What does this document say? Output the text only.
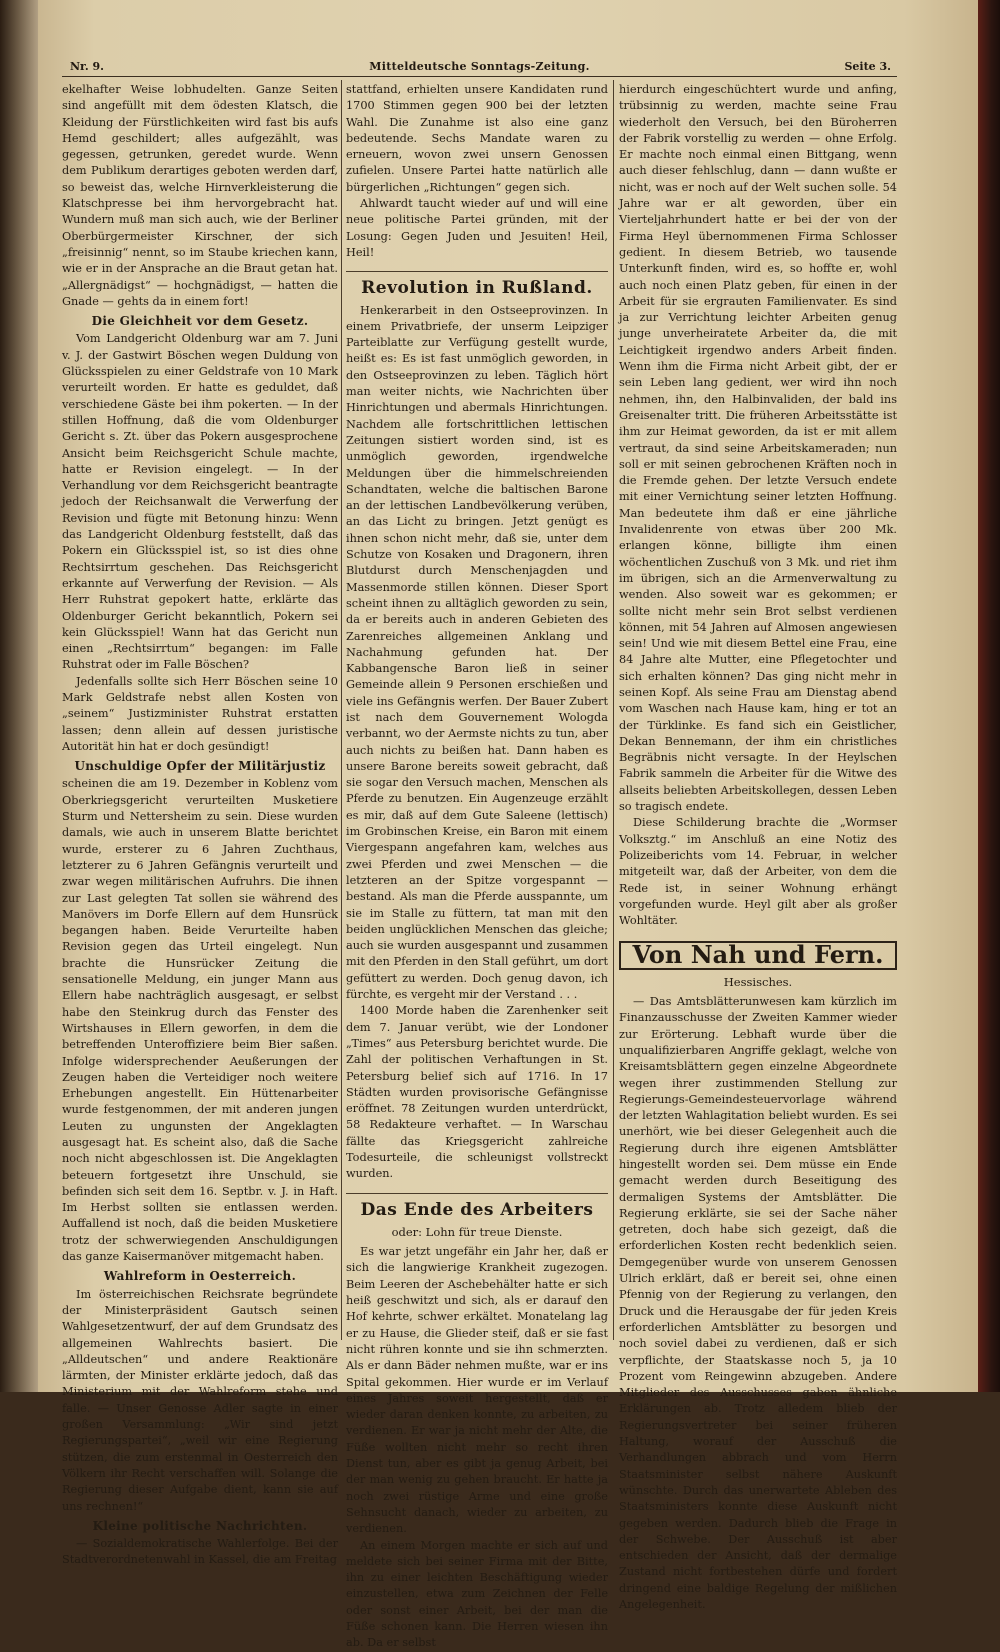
Nr. 9.	Mitteldeutsche Sonntags-Zeitung.	Seite 3.

ekelhafter Weise lobhudelten. Ganze Seiten sind angefüllt mit dem ödesten Klatsch, die Kleidung der Fürstlichkeiten wird fast bis aufs Hemd geschildert; alles aufgezählt, was gegessen, getrunken, geredet wurde. Wenn dem Publikum derartiges geboten werden darf, so beweist das, welche Hirnverkleisterung die Klatschpresse bei ihm hervorgebracht hat. Wundern muß man sich auch, wie der Berliner Oberbürgermeister Kirschner, der sich „freisinnig“ nennt, so im Staube kriechen kann, wie er in der Ansprache an die Braut getan hat. „Allergnädigst“ — hochgnädigst, — hatten die Gnade — gehts da in einem fort!

Die Gleichheit vor dem Gesetz.

Vom Landgericht Oldenburg war am 7. Juni v. J. der Gastwirt Böschen wegen Duldung von Glücksspielen zu einer Geldstrafe von 10 Mark verurteilt worden. Er hatte es geduldet, daß verschiedene Gäste bei ihm pokerten. — In der stillen Hoffnung, daß die vom Oldenburger Gericht s. Zt. über das Pokern ausgesprochene Ansicht beim Reichsgericht Schule machte, hatte er Revision eingelegt. — In der Verhandlung vor dem Reichsgericht beantragte jedoch der Reichsanwalt die Verwerfung der Revision und fügte mit Betonung hinzu: Wenn das Landgericht Oldenburg feststellt, daß das Pokern ein Glücksspiel ist, so ist dies ohne Rechtsirrtum geschehen. Das Reichsgericht erkannte auf Verwerfung der Revision. — Als Herr Ruhstrat gepokert hatte, erklärte das Oldenburger Gericht bekanntlich, Pokern sei kein Glücksspiel! Wann hat das Gericht nun einen „Rechtsirrtum“ begangen: im Falle Ruhstrat oder im Falle Böschen?

Jedenfalls sollte sich Herr Böschen seine 10 Mark Geldstrafe nebst allen Kosten von „seinem“ Justizminister Ruhstrat erstatten lassen; denn allein auf dessen juristische Autorität hin hat er doch gesündigt!

Unschuldige Opfer der Militärjustiz

scheinen die am 19. Dezember in Koblenz vom Oberkriegsgericht verurteilten Musketiere Sturm und Nettersheim zu sein. Diese wurden damals, wie auch in unserem Blatte berichtet wurde, ersterer zu 6 Jahren Zuchthaus, letzterer zu 6 Jahren Gefängnis verurteilt und zwar wegen militärischen Aufruhrs. Die ihnen zur Last gelegten Tat sollen sie während des Manövers im Dorfe Ellern auf dem Hunsrück begangen haben. Beide Verurteilte haben Revision gegen das Urteil eingelegt. Nun brachte die Hunsrücker Zeitung die sensationelle Meldung, ein junger Mann aus Ellern habe nachträglich ausgesagt, er selbst habe den Steinkrug durch das Fenster des Wirtshauses in Ellern geworfen, in dem die betreffenden Unteroffiziere beim Bier saßen. Infolge widersprechender Aeußerungen der Zeugen haben die Verteidiger noch weitere Erhebungen angestellt. Ein Hüttenarbeiter wurde festgenommen, der mit anderen jungen Leuten zu ungunsten der Angeklagten ausgesagt hat. Es scheint also, daß die Sache noch nicht abgeschlossen ist. Die Angeklagten beteuern fortgesetzt ihre Unschuld, sie befinden sich seit dem 16. Septbr. v. J. in Haft. Im Herbst sollten sie entlassen werden. Auffallend ist noch, daß die beiden Musketiere trotz der schwerwiegenden Anschuldigungen das ganze Kaisermanöver mitgemacht haben.

Wahlreform in Oesterreich.

Im österreichischen Reichsrate begründete der Ministerpräsident Gautsch seinen Wahlgesetzentwurf, der auf dem Grundsatz des allgemeinen Wahlrechts basiert. Die „Alldeutschen“ und andere Reaktionäre lärmten, der Minister erklärte jedoch, daß das Ministerium mit der Wahlreform stehe und falle. — Unser Genosse Adler sagte in einer großen Versammlung: „Wir sind jetzt Regierungspartei“, „weil wir eine Regierung stützen, die zum erstenmal in Oesterreich den Völkern ihr Recht verschaffen will. Solange die Regierung dieser Aufgabe dient, kann sie auf uns rechnen!“

Kleine politische Nachrichten.

— Sozialdemokratische Wahlerfolge. Bei der Stadtverordnetenwahl in Kassel, die am Freitag

stattfand, erhielten unsere Kandidaten rund 1700 Stimmen gegen 900 bei der letzten Wahl. Die Zunahme ist also eine ganz bedeutende. Sechs Mandate waren zu erneuern, wovon zwei unsern Genossen zufielen. Unsere Partei hatte natürlich alle bürgerlichen „Richtungen“ gegen sich.

Ahlwardt taucht wieder auf und will eine neue politische Partei gründen, mit der Losung: Gegen Juden und Jesuiten! Heil, Heil!

Revolution in Rußland.

Henkerarbeit in den Ostseeprovinzen. In einem Privatbriefe, der unserm Leipziger Parteiblatte zur Verfügung gestellt wurde, heißt es: Es ist fast unmöglich geworden, in den Ostseeprovinzen zu leben. Täglich hört man weiter nichts, wie Nachrichten über Hinrichtungen und abermals Hinrichtungen. Nachdem alle fortschrittlichen lettischen Zeitungen sistiert worden sind, ist es unmöglich geworden, irgendwelche Meldungen über die himmelschreienden Schandtaten, welche die baltischen Barone an der lettischen Landbevölkerung verüben, an das Licht zu bringen. Jetzt genügt es ihnen schon nicht mehr, daß sie, unter dem Schutze von Kosaken und Dragonern, ihren Blutdurst durch Menschenjagden und Massenmorde stillen können. Dieser Sport scheint ihnen zu alltäglich geworden zu sein, da er bereits auch in anderen Gebieten des Zarenreiches allgemeinen Anklang und Nachahmung gefunden hat. Der Kabbangensche Baron ließ in seiner Gemeinde allein 9 Personen erschießen und viele ins Gefängnis werfen. Der Bauer Zubert ist nach dem Gouvernement Wologda verbannt, wo der Aermste nichts zu tun, aber auch nichts zu beißen hat. Dann haben es unsere Barone bereits soweit gebracht, daß sie sogar den Versuch machen, Menschen als Pferde zu benutzen. Ein Augenzeuge erzählt es mir, daß auf dem Gute Saleene (lettisch) im Grobinschen Kreise, ein Baron mit einem Viergespann angefahren kam, welches aus zwei Pferden und zwei Menschen — die letzteren an der Spitze vorgespannt — bestand. Als man die Pferde ausspannte, um sie im Stalle zu füttern, tat man mit den beiden unglücklichen Menschen das gleiche; auch sie wurden ausgespannt und zusammen mit den Pferden in den Stall geführt, um dort gefüttert zu werden. Doch genug davon, ich fürchte, es vergeht mir der Verstand . . .

1400 Morde haben die Zarenhenker seit dem 7. Januar verübt, wie der Londoner „Times“ aus Petersburg berichtet wurde. Die Zahl der politischen Verhaftungen in St. Petersburg belief sich auf 1716. In 17 Städten wurden provisorische Gefängnisse eröffnet. 78 Zeitungen wurden unterdrückt, 58 Redakteure verhaftet. — In Warschau fällte das Kriegsgericht zahlreiche Todesurteile, die schleunigst vollstreckt wurden.

Das Ende des Arbeiters
oder: Lohn für treue Dienste.

Es war jetzt ungefähr ein Jahr her, daß er sich die langwierige Krankheit zugezogen. Beim Leeren der Aschebehälter hatte er sich heiß geschwitzt und sich, als er darauf den Hof kehrte, schwer erkältet. Monatelang lag er zu Hause, die Glieder steif, daß er sie fast nicht rühren konnte und sie ihn schmerzten. Als er dann Bäder nehmen mußte, war er ins Spital gekommen. Hier wurde er im Verlauf eines Jahres soweit hergestellt, daß er wieder daran denken konnte, zu arbeiten, zu verdienen. Er war ja nicht mehr der Alte, die Füße wollten nicht mehr so recht ihren Dienst tun, aber es gibt ja genug Arbeit, bei der man wenig zu gehen braucht. Er hatte ja noch zwei rüstige Arme und eine große Sehnsucht danach, wieder zu arbeiten, zu verdienen.

An einem Morgen machte er sich auf und meldete sich bei seiner Firma mit der Bitte, ihn zu einer leichten Beschäftigung wieder einzustellen, etwa zum Zeichnen der Felle oder sonst einer Arbeit, bei der man die Füße schonen kann. Die Herren wiesen ihn ab. Da er selbst

hierdurch eingeschüchtert wurde und anfing, trübsinnig zu werden, machte seine Frau wiederholt den Versuch, bei den Büroherren der Fabrik vorstellig zu werden — ohne Erfolg. Er machte noch einmal einen Bittgang, wenn auch dieser fehlschlug, dann — dann wußte er nicht, was er noch auf der Welt suchen solle. 54 Jahre war er alt geworden, über ein Vierteljahrhundert hatte er bei der von der Firma Heyl übernommenen Firma Schlosser gedient. In diesem Betrieb, wo tausende Unterkunft finden, wird es, so hoffte er, wohl auch noch einen Platz geben, für einen in der Arbeit für sie ergrauten Familienvater. Es sind ja zur Verrichtung leichter Arbeiten genug junge unverheiratete Arbeiter da, die mit Leichtigkeit irgendwo anders Arbeit finden. Wenn ihm die Firma nicht Arbeit gibt, der er sein Leben lang gedient, wer wird ihn noch nehmen, ihn, den Halbinvaliden, der bald ins Greisenalter tritt. Die früheren Arbeitsstätte ist ihm zur Heimat geworden, da ist er mit allem vertraut, da sind seine Arbeitskameraden; nun soll er mit seinen gebrochenen Kräften noch in die Fremde gehen. Der letzte Versuch endete mit einer Vernichtung seiner letzten Hoffnung. Man bedeutete ihm daß er eine jährliche Invalidenrente von etwas über 200 Mk. erlangen könne, billigte ihm einen wöchentlichen Zuschuß von 3 Mk. und riet ihm im übrigen, sich an die Armenverwaltung zu wenden. Also soweit war es gekommen; er sollte nicht mehr sein Brot selbst verdienen können, mit 54 Jahren auf Almosen angewiesen sein! Und wie mit diesem Bettel eine Frau, eine 84 Jahre alte Mutter, eine Pflegetochter und sich erhalten können? Das ging nicht mehr in seinen Kopf. Als seine Frau am Dienstag abend vom Waschen nach Hause kam, hing er tot an der Türklinke. Es fand sich ein Geistlicher, Dekan Bennemann, der ihm ein christliches Begräbnis nicht versagte. In der Heylschen Fabrik sammeln die Arbeiter für die Witwe des allseits beliebten Arbeitskollegen, dessen Leben so tragisch endete.

Diese Schilderung brachte die „Wormser Volksztg.“ im Anschluß an eine Notiz des Polizeiberichts vom 14. Februar, in welcher mitgeteilt war, daß der Arbeiter, von dem die Rede ist, in seiner Wohnung erhängt vorgefunden wurde. Heyl gilt aber als großer Wohltäter.

Von Nah und Fern.
Hessisches.

— Das Amtsblätterunwesen kam kürzlich im Finanzausschusse der Zweiten Kammer wieder zur Erörterung. Lebhaft wurde über die unqualifizierbaren Angriffe geklagt, welche von Kreisamtsblättern gegen einzelne Abgeordnete wegen ihrer zustimmenden Stellung zur Regierungs-Gemeindesteuervorlage während der letzten Wahlagitation beliebt wurden. Es sei unerhört, wie bei dieser Gelegenheit auch die Regierung durch ihre eigenen Amtsblätter hingestellt worden sei. Dem müsse ein Ende gemacht werden durch Beseitigung des dermaligen Systems der Amtsblätter. Die Regierung erklärte, sie sei der Sache näher getreten, doch habe sich gezeigt, daß die erforderlichen Kosten recht bedenklich seien. Demgegenüber wurde von unserem Genossen Ulrich erklärt, daß er bereit sei, ohne einen Pfennig von der Regierung zu verlangen, den Druck und die Herausgabe der für jeden Kreis erforderlichen Amtsblätter zu besorgen und noch soviel dabei zu verdienen, daß er sich verpflichte, der Staatskasse noch 5, ja 10 Prozent vom Reingewinn abzugeben. Andere Mitglieder des Ausschusses gaben ähnliche Erklärungen ab. Trotz alledem blieb der Regierungsvertreter bei seiner früheren Haltung, worauf der Ausschuß die Verhandlungen abbrach und vom Herrn Staatsminister selbst nähere Auskunft wünschte. Durch das unerwartete Ableben des Staatsministers konnte diese Auskunft nicht gegeben werden. Dadurch blieb die Frage in der Schwebe. Der Ausschuß ist aber entschieden der Ansicht, daß der dermalige Zustand nicht fortbestehen dürfe und fordert dringend eine baldige Regelung der mißlichen Angelegenheit.
